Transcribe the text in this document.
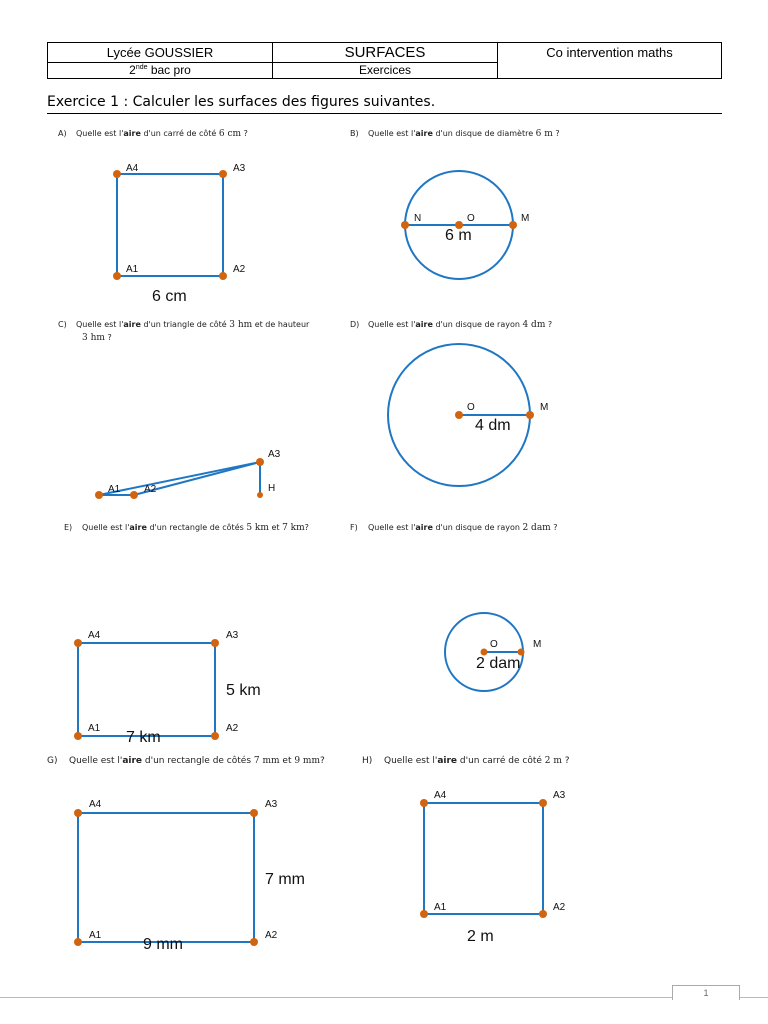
Lycée GOUSSIER	SURFACES	Co intervention maths
2nde bac pro	Exercices
Exercice 1 : Calculer les surfaces des figures suivantes.
A) Quelle est l'aire d'un carré de côté 6 cm ?	B) Quelle est l'aire d'un disque de diamètre 6 m ?
C) Quelle est l'aire d'un triangle de côté 3 hm et de hauteur
3 hm ?
D) Quelle est l'aire d'un disque de rayon 4 dm ?
E) Quelle est l'aire d'un rectangle de côtés 5 km et 7 km?	F) Quelle est l'aire d'un disque de rayon 2 dam ?
G) Quelle est l'aire d'un rectangle de côtés 7 mm et 9 mm?	H) Quelle est l'aire d'un carré de côté 2 m ?
A4	A3
A1	A2
6 cm
N	O	M
6 m
A1 A2
A3
H
O	M
4 dm
A4	A3
A1	A2
5 km
7 km
O	M
2 dam
A4	A3
A1	A2
7 mm
9 mm
A4	A3
A1	A2
2 m
1
